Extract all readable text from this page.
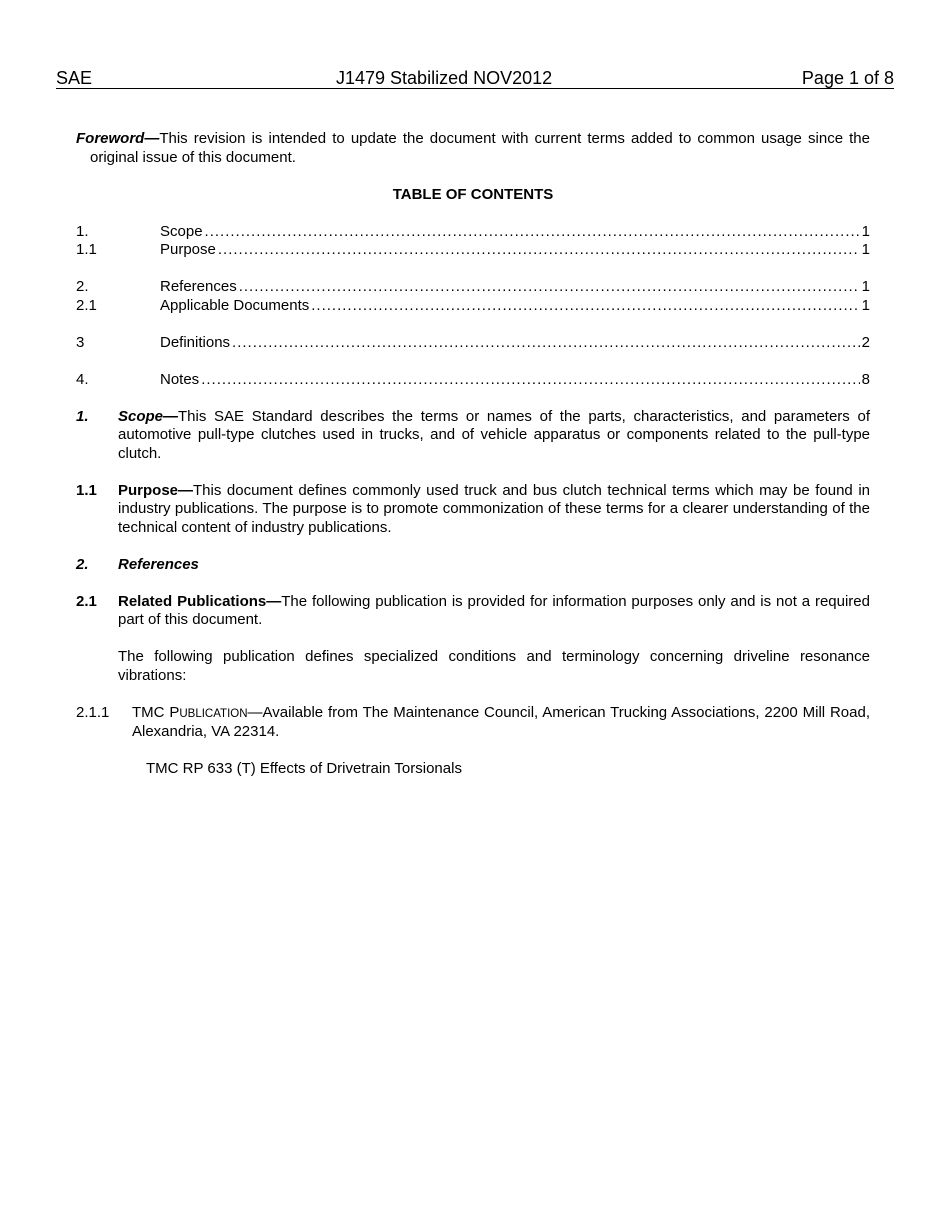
SAE	J1479 Stabilized NOV2012	Page 1 of 8

Foreword—This revision is intended to update the document with current terms added to common usage since the original issue of this document.

TABLE OF CONTENTS
1.	Scope .....	1
1.1	Purpose .....	1
2.	References .....	1
2.1	Applicable Documents .....	1
3	Definitions .....	2
4.	Notes .....	8
1.	Scope—This SAE Standard describes the terms or names of the parts, characteristics, and parameters of automotive pull-type clutches used in trucks, and of vehicle apparatus or components related to the pull-type clutch.
1.1	Purpose—This document defines commonly used truck and bus clutch technical terms which may be found in industry publications. The purpose is to promote commonization of these terms for a clearer understanding of the technical content of industry publications.
2.	References
2.1	Related Publications—The following publication is provided for information purposes only and is not a required part of this document.
The following publication defines specialized conditions and terminology concerning driveline resonance vibrations:
2.1.1	TMC PUBLICATION—Available from The Maintenance Council, American Trucking Associations, 2200 Mill Road, Alexandria, VA 22314.
TMC RP 633 (T) Effects of Drivetrain Torsionals
